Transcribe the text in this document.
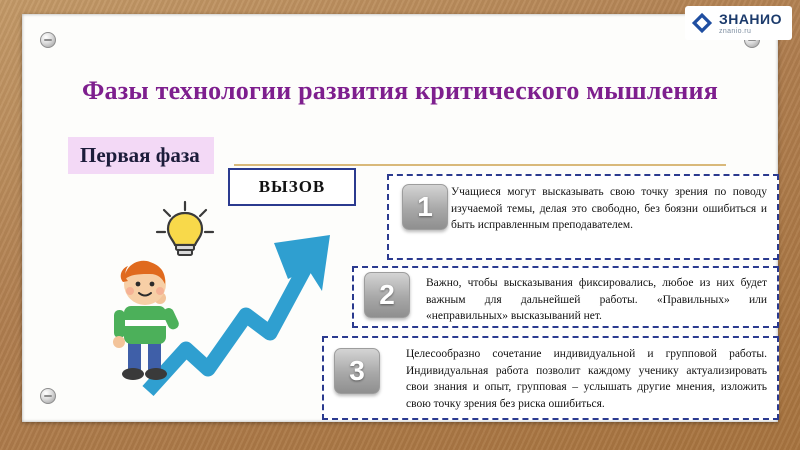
Фазы технологии развития критического мышления
Первая фаза
ВЫЗОВ	Учащиеся могут высказывать свою точку зрения по поводу изучаемой темы, делая это свободно, без боязни ошибиться и быть исправленным преподавателем.

1

Важно, чтобы высказывания фиксировались, любое из них будет важным для дальнейшей работы. «Правильных» или «неправильных» высказываний нет.

2

Целесообразно сочетание индивидуальной и групповой работы. Индивидуальная работа позволит каждому ученику актуализировать свои знания и опыт, групповая – услышать другие мнения, изложить свою точку зрения без риска ошибиться.

3
ЗНАНИО
znanio.ru
